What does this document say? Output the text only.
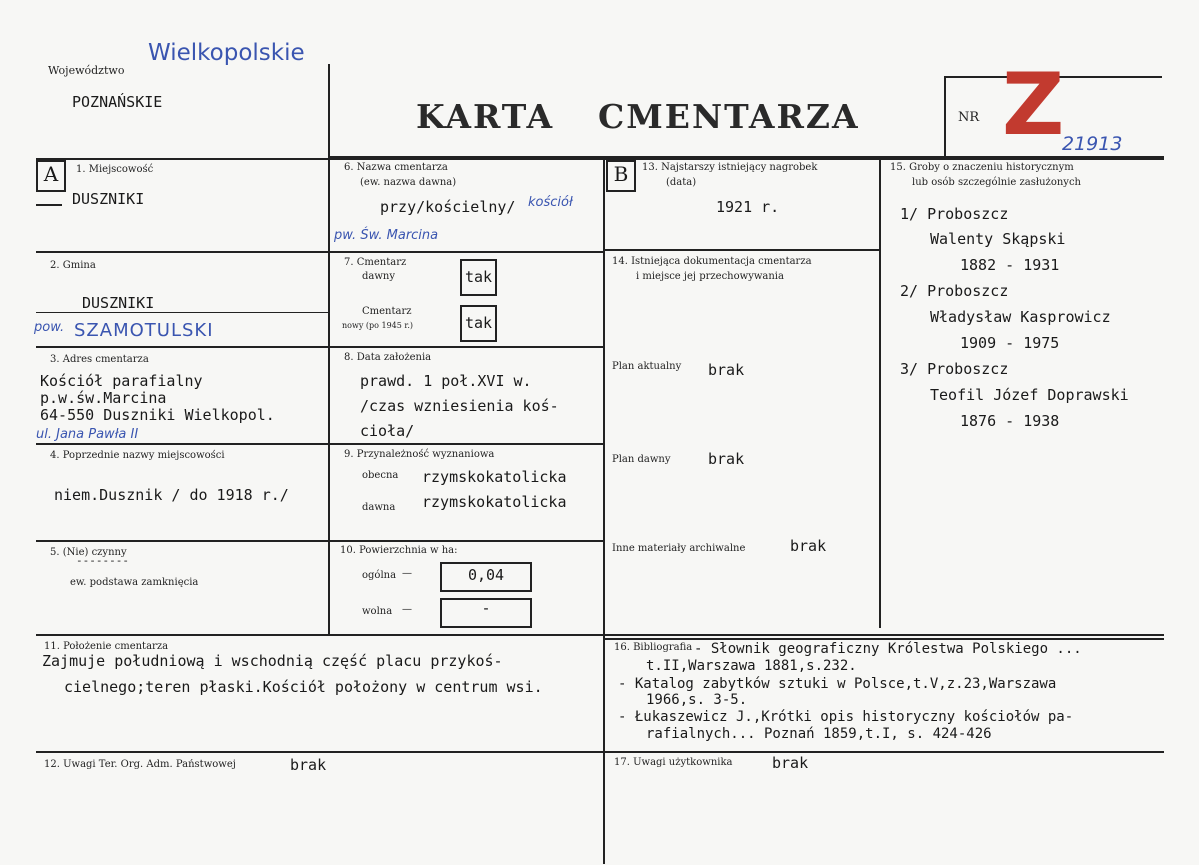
Województwo
Wielkopolskie
POZNAŃSKIE	KARTA CMENTARZA	NR Z
21913
A	1. Miejscowość
DUSZNIKI
2. Gmina
DUSZNIKI
pow. SZAMOTULSKI
3. Adres cmentarza
Kościół parafialny
p.w.św.Marcina
64-550 Duszniki Wielkopol.
ul. Jana Pawła II
4. Poprzednie nazwy miejscowości
niem.Dusznik / do 1918 r./
5. (Nie) czynny
--------
ew. podstawa zamknięcia
6. Nazwa cmentarza
(ew. nazwa dawna)
przy/kościelny/ kościół
pw. Św. Marcina
7. Cmentarz
dawny	tak
Cmentarz
nowy (po 1945 r.)	tak
8. Data założenia
prawd. 1 poł.XVI w.
/czas wzniesienia koś-
cioła/
9. Przynależność wyznaniowa
obecna rzymskokatolicka
dawna rzymskokatolicka
10. Powierzchnia w ha:
ogólna —	0,04
wolna —	-
B	13. Najstarszy istniejący nagrobek
(data)
1921 r.
14. Istniejąca dokumentacja cmentarza
i miejsce jej przechowywania
Plan aktualny brak
Plan dawny brak
Inne materiały archiwalne	brak
15. Groby o znaczeniu historycznym
lub osób szczególnie zasłużonych
1/ Proboszcz
Walenty Skąpski
1882 - 1931
2/ Proboszcz
Władysław Kasprowicz
1909 - 1975
3/ Proboszcz
Teofil Józef Doprawski
1876 - 1938
11. Położenie cmentarza
Zajmuje południową i wschodnią część placu przykoś-
cielnego;teren płaski.Kościół położony w centrum wsi.
12. Uwagi Ter. Org. Adm. Państwowej	brak
16. Bibliografia - Słownik geograficzny Królestwa Polskiego ...
t.II,Warszawa 1881,s.232.
- Katalog zabytków sztuki w Polsce,t.V,z.23,Warszawa
1966,s. 3-5.
- Łukaszewicz J.,Krótki opis historyczny kościołów pa-
rafialnych... Poznań 1859,t.I, s. 424-426
17. Uwagi użytkownika	brak
